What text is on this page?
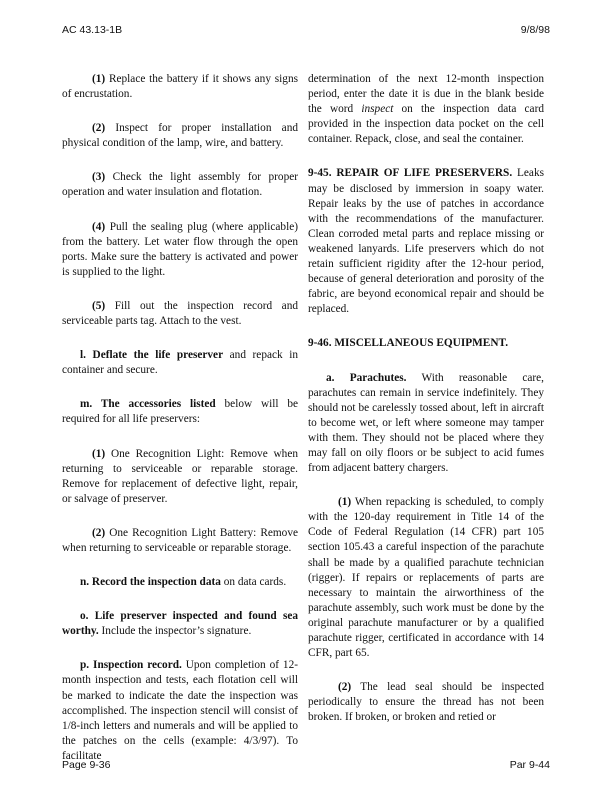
AC 43.13-1B	9/8/98

(1) Replace the battery if it shows any signs of encrustation.

(2) Inspect for proper installation and physical condition of the lamp, wire, and battery.

(3) Check the light assembly for proper operation and water insulation and flotation.

(4) Pull the sealing plug (where applicable) from the battery. Let water flow through the open ports. Make sure the battery is activated and power is supplied to the light.

(5) Fill out the inspection record and serviceable parts tag. Attach to the vest.

l. Deflate the life preserver and repack in container and secure.

m. The accessories listed below will be required for all life preservers:

(1) One Recognition Light: Remove when returning to serviceable or reparable storage. Remove for replacement of defective light, repair, or salvage of preserver.

(2) One Recognition Light Battery: Remove when returning to serviceable or reparable storage.

n. Record the inspection data on data cards.

o. Life preserver inspected and found sea worthy. Include the inspector’s signature.

p. Inspection record. Upon completion of 12-month inspection and tests, each flotation cell will be marked to indicate the date the inspection was accomplished. The inspection stencil will consist of 1/8-inch letters and numerals and will be applied to the patches on the cells (example: 4/3/97). To facilitate

determination of the next 12-month inspection period, enter the date it is due in the blank beside the word inspect on the inspection data card provided in the inspection data pocket on the cell container. Repack, close, and seal the container.

9-45. REPAIR OF LIFE PRESERVERS. Leaks may be disclosed by immersion in soapy water. Repair leaks by the use of patches in accordance with the recommendations of the manufacturer. Clean corroded metal parts and replace missing or weakened lanyards. Life preservers which do not retain sufficient rigidity after the 12-hour period, because of general deterioration and porosity of the fabric, are beyond economical repair and should be replaced.

9-46. MISCELLANEOUS EQUIPMENT.

a. Parachutes. With reasonable care, parachutes can remain in service indefinitely. They should not be carelessly tossed about, left in aircraft to become wet, or left where someone may tamper with them. They should not be placed where they may fall on oily floors or be subject to acid fumes from adjacent battery chargers.

(1) When repacking is scheduled, to comply with the 120-day requirement in Title 14 of the Code of Federal Regulation (14 CFR) part 105 section 105.43 a careful inspection of the parachute shall be made by a qualified parachute technician (rigger). If repairs or replacements of parts are necessary to maintain the airworthiness of the parachute assembly, such work must be done by the original parachute manufacturer or by a qualified parachute rigger, certificated in accordance with 14 CFR, part 65.

(2) The lead seal should be inspected periodically to ensure the thread has not been broken. If broken, or broken and retied or

Page 9-36	Par 9-44
